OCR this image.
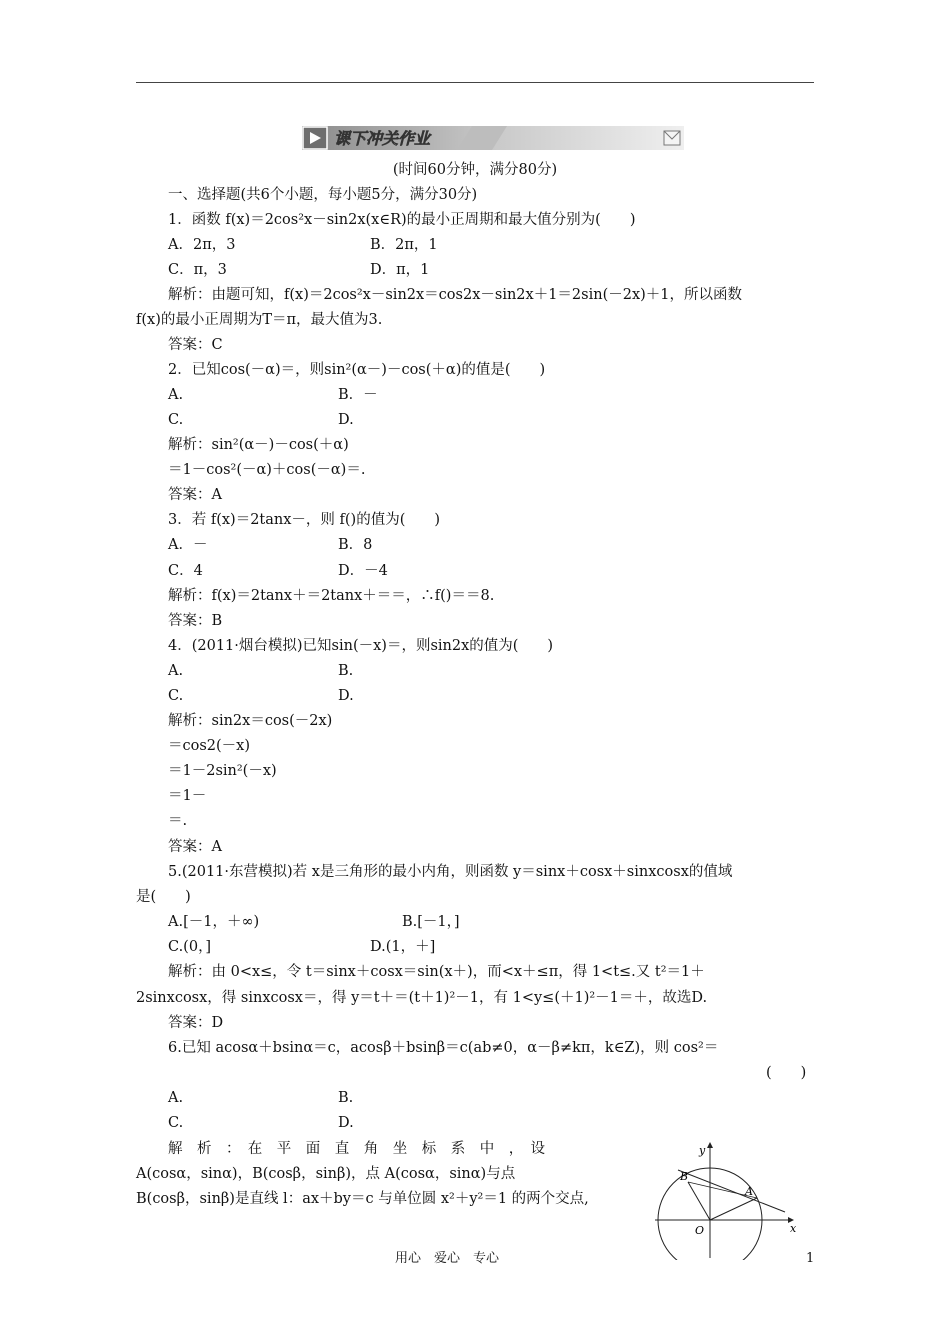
课下冲关作业
(时间60分钟，满分80分)
一、选择题(共6个小题，每小题5分，满分30分)
1．函数 f(x)＝2cos²x－sin2x(x∈R)的最小正周期和最大值分别为(　　)
A．2π，3	B．2π，1
C．π，3	D．π，1
解析：由题可知，f(x)＝2cos²x－sin2x＝cos2x－sin2x＋1＝2sin(－2x)＋1，所以函数
f(x)的最小正周期为T＝π，最大值为3.
答案：C
2．已知cos(－α)＝，则sin²(α－)－cos(＋α)的值是(　　)
A.	B．－
C.	D.
解析：sin²(α－)－cos(＋α)
＝1－cos²(－α)＋cos(－α)＝.
答案：A
3．若 f(x)＝2tanx－，则 f()的值为(　　)
A．－	B．8
C．4	D．－4
解析：f(x)＝2tanx＋＝2tanx＋＝＝，∴f()＝＝8.
答案：B
4．(2011·烟台模拟)已知sin(－x)＝，则sin2x的值为(　　)
A.	B.
C.	D.
解析：sin2x＝cos(－2x)
＝cos2(－x)
＝1－2sin²(－x)
＝1－
＝.
答案：A
5.(2011·东营模拟)若 x是三角形的最小内角，则函数 y＝sinx＋cosx＋sinxcosx的值域
是(　　)
A.[－1，＋∞)	B.[－1，]
C.(0，]	D.(1，＋]
解析：由 0<x≤，令 t＝sinx＋cosx＝sin(x＋)，而<x＋≤π，得 1<t≤.又 t²＝1＋
2sinxcosx，得 sinxcosx＝，得 y＝t＋＝(t＋1)²－1，有 1<y≤(＋1)²－1＝＋，故选D.
答案：D
6.已知 acosα＋bsinα＝c，acosβ＋bsinβ＝c(ab≠0，α－β≠kπ，k∈Z)，则 cos²＝
(　　)
A.	B.
C.	D.
解　析　：　在　平　面　直　角　坐　标　系　中　，　设
A(cosα，sinα)，B(cosβ，sinβ)，点 A(cosα，sinα)与点
B(cosβ，sinβ)是直线 l：ax＋by＝c 与单位圆 x²＋y²＝1 的两个交点,
y
x
O
A
B
用心　爱心　专心	1
